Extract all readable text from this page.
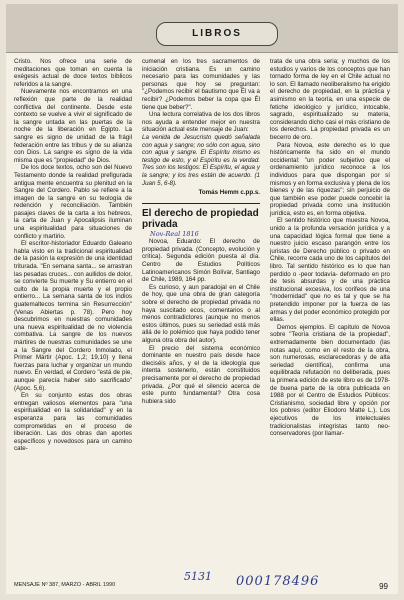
LIBROS

Cristo. Nos ofrece una serie de meditaciones que toman en cuenta la exégesis actual de doce textos bíblicos referidos a la sangre.

Nuevamente nos encontramos en una reflexión que parte de la realidad conflictiva del continente. Desde este contexto se vuelve a vivir el significado de la sangre untada en las puertas de la noche de la liberación en Egipto. La sangre es signo de unidad de la frágil federación entre las tribus y de su alianza con Dios. La sangre es signo de la vida misma que es "propiedad" de Dios.

De los doce textos, ocho son del Nuevo Testamento donde la realidad prefigurada antigua mente encuentra su plenitud en la Sangre del Cordero. Pablo se refiere a la imagen de la sangre en su teología de redención y reconciliación. También pasajes claves de la carta a los hebreos, la carta de Juan y Apocalipsis iluminan una espiritualidad para situaciones de conflicto y martirio.

El escritor-historiador Eduardo Galeano habla visto en la tradicional espiritualidad de la pasión la expresión de una identidad triturada. "En semana santa... se arrastran las pesadas cruces... con aullidos de dolor, se convierte Su muerte y Su entierro en el culto de la propia muerte y el propio entierro... La semana santa de los indios guatemaltecos termina sin Resurrección" (Venas Abiertas p. 78). Pero hoy descubrimos en nuestras comunidades una nueva espiritualidad de no violencia combativa. La sangre de los nuevos mártires de nuestras comunidades se une a la Sangre del Cordero Inmolado, el Primer Mártir (Apoc. 1,2; 19,10) y llena fuerzas para luchar y organizar un mundo nuevo. En verdad, el Cordero "está de pie, aunque parecía haber sido sacrificado" (Apoc. 5,6).

En su conjunto estas dos obras entregan valiosos elementos para "una espiritualidad en la solidaridad" y en la esperanza para las comunidades comprometidas en el proceso de liberación. Las dos obras dan aportes específicos y novedosos para un camino cate-

cumenal en los tres sacramentos de iniciación cristiana. Es un camino necesario para las comunidades y las personas que hoy se preguntan: "¿Podemos recibir el bautismo que Él va a recibir? ¿Podemos beber la copa que Él tiene que beber?".

Una lectura correlativa de los dos libros nos ayuda a entender mejor en nuestra situación actual este mensaje de Juan:

La venida de Jesucristo quedó señalada con agua y sangre; no sólo con agua, sino con agua y sangre. El Espíritu mismo es testigo de esto, y el Espíritu es la verdad. Tres son los testigos: El Espíritu, el agua y la sangre; y los tres están de acuerdo. (1 Juan 5, 6-8).

Tomás Hemm c.pp.s.
El derecho de propiedad privada
Nov-Real 1816

Novoa, Eduardo: El derecho de propiedad privada. (Concepto, evolución y crítica). Segunda edición puesta al día. Centro de Estudios Políticos Latinoamericanos Simón Bolívar, Santiago de Chile, 1989, 164 pp.

Es curioso, y aun paradojal en el Chile de hoy, que una obra de gran categoría sobre el derecho de propiedad privada no haya suscitado ecos, comentarios o al menos contradictores (aunque no menos estos últimos, pues su seriedad está más allá de lo polémico que haya podido tener alguna otra obra del autor).

El precio del sistema económico dominante en nuestro país desde hace dieciséis años, y el de la ideología que intenta sostenerlo, están constituidos precisamente por el derecho de propiedad privada. ¿Por qué el silencio acerca de este punto fundamental? Otra cosa hubiera sido

trata de una obra seria; y muchos de los estudios y varios de los conceptos que han tornado forma de ley en el Chile actual no lo son. El llamado neoliberalismo ha erigido el derecho de propiedad, en la práctica y asimismo en la teoría, en una especie de fetiche ideológico y jurídico, intocable, sagrado, espiritualizado su materia, considerando dicho casi el más cristiano de los derechos. La propiedad privada es un becerro de oro.

Para Novoa, este derecho es lo que históricamente ha sido en el mundo occidental: "un poder subjetivo que el ordenamiento jurídico reconoce a los individuos para que dispongan por sí mismos y en forma exclusiva y plena de los bienes y de las riquezas"; sin perjuicio de que también ese poder puede concebir la propiedad privada como una institución jurídica, esto es, en forma objetiva.

El sentido histórico que muestra Novoa, unido a la profunda versación jurídica y a una capacidad lógica formal que tiene a nuestro juicio escaso parangón entre los juristas de Derecho público o privado en Chile, recorre cada uno de los capítulos del libro. Tal sentido histórico es lo que han perdido o -peor todavía- deformado en pro de tesis absurdas y de una práctica institucional excesiva, los corifeos de una "modernidad" que no es tal y que se ha pretendido imponer por la fuerza de las armas y del poder económico protegido por ellas.

Demos ejemplos. El capítulo de Novoa sobre "Teoría cristiana de la propiedad", extremadamente bien documentado (las notas aquí, como en el resto de la obra, son numerosas, esclarecedoras y de alta seriedad científica), confirma una equilibrada refutación no deliberada, pues la primera edición de este libro es de 1978- de buena parte de la obra publicada en 1988 por el Centro de Estudios Públicos: Cristianismo, sociedad libre y opción por los pobres (editor Eliodoro Matte L.). Los ejecutivos de los intelectuales tradicionalistas integristas tanto neo-conservadores (por llamar-

MENSAJE Nº 387, MARZO - ABRIL 1990	99
5131 000178496
